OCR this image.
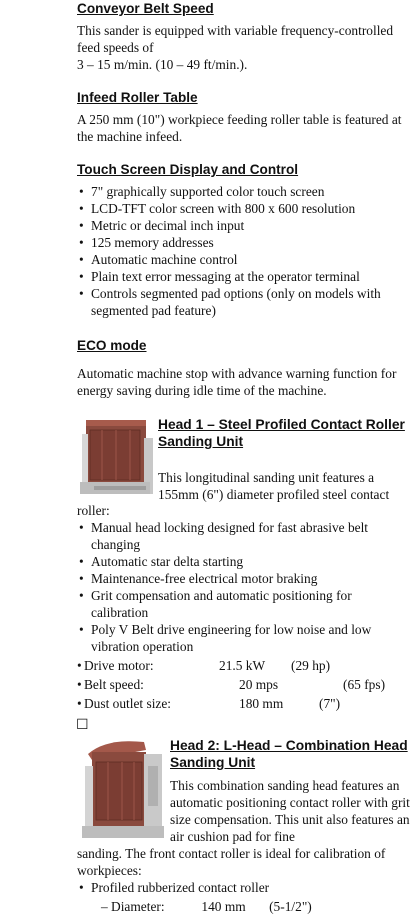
Conveyor Belt Speed

This sander is equipped with variable frequency-controlled feed speeds of

3 – 15 m/min. (10 – 49 ft/min.).

Infeed Roller Table

A 250 mm (10") workpiece feeding roller table is featured at the machine infeed.

Touch Screen Display and Control
• 7" graphically supported color touch screen
• LCD-TFT color screen with 800 x 600 resolution
• Metric or decimal inch input
• 125 memory addresses
• Automatic machine control
• Plain text error messaging at the operator terminal
• Controls segmented pad options (only on models with segmented pad feature)
ECO mode

Automatic machine stop with advance warning function for energy saving during idle time of the machine.

Head 1 – Steel Profiled Contact Roller Sanding Unit

This longitudinal sanding unit features a 155mm (6") diameter profiled steel contact

roller:

• Manual head locking designed for fast abrasive belt changing
• Automatic star delta starting
• Maintenance-free electrical motor braking
• Grit compensation and automatic positioning for calibration
• Poly V Belt drive engineering for low noise and low vibration operation
• Drive motor:	21.5 kW (29 hp)
• Belt speed:	20 mps	(65 fps)
• Dust outlet size:	180 mm	(7")
☐
Head 2: L-Head – Combination Head Sanding Unit

This combination sanding head features an automatic positioning contact roller with grit size compensation. This unit also features an air cushion pad for fine

sanding. The front contact roller is ideal for calibration of workpieces:

• Profiled rubberized contact roller

– Diameter:           140 mm       (5-1/2")
